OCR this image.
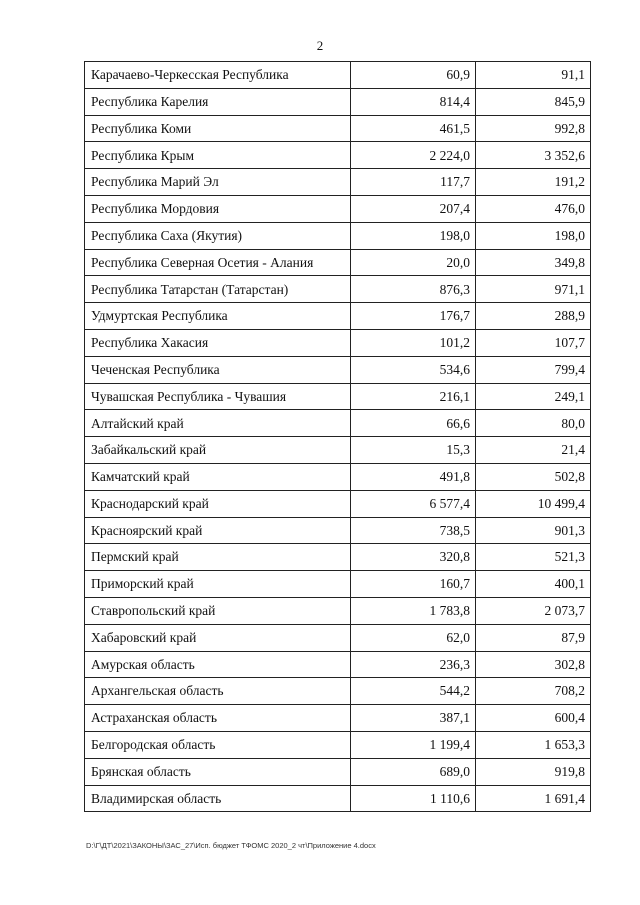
2
Карачаево-Черкесская Республика	60,9	91,1
Республика Карелия	814,4	845,9
Республика Коми	461,5	992,8
Республика Крым	2 224,0	3 352,6
Республика Марий Эл	117,7	191,2
Республика Мордовия	207,4	476,0
Республика Саха (Якутия)	198,0	198,0
Республика Северная Осетия - Алания	20,0	349,8
Республика Татарстан (Татарстан)	876,3	971,1
Удмуртская Республика	176,7	288,9
Республика Хакасия	101,2	107,7
Чеченская Республика	534,6	799,4
Чувашская Республика - Чувашия	216,1	249,1
Алтайский край	66,6	80,0
Забайкальский край	15,3	21,4
Камчатский край	491,8	502,8
Краснодарский край	6 577,4	10 499,4
Красноярский край	738,5	901,3
Пермский край	320,8	521,3
Приморский край	160,7	400,1
Ставропольский край	1 783,8	2 073,7
Хабаровский край	62,0	87,9
Амурская область	236,3	302,8
Архангельская область	544,2	708,2
Астраханская область	387,1	600,4
Белгородская область	1 199,4	1 653,3
Брянская область	689,0	919,8
Владимирская область	1 110,6	1 691,4
D:\Г\ДТ\2021\ЗАКОНЫ\ЗАС_27\Исп. бюджет ТФОМС 2020_2 чт\Приложение 4.docx
